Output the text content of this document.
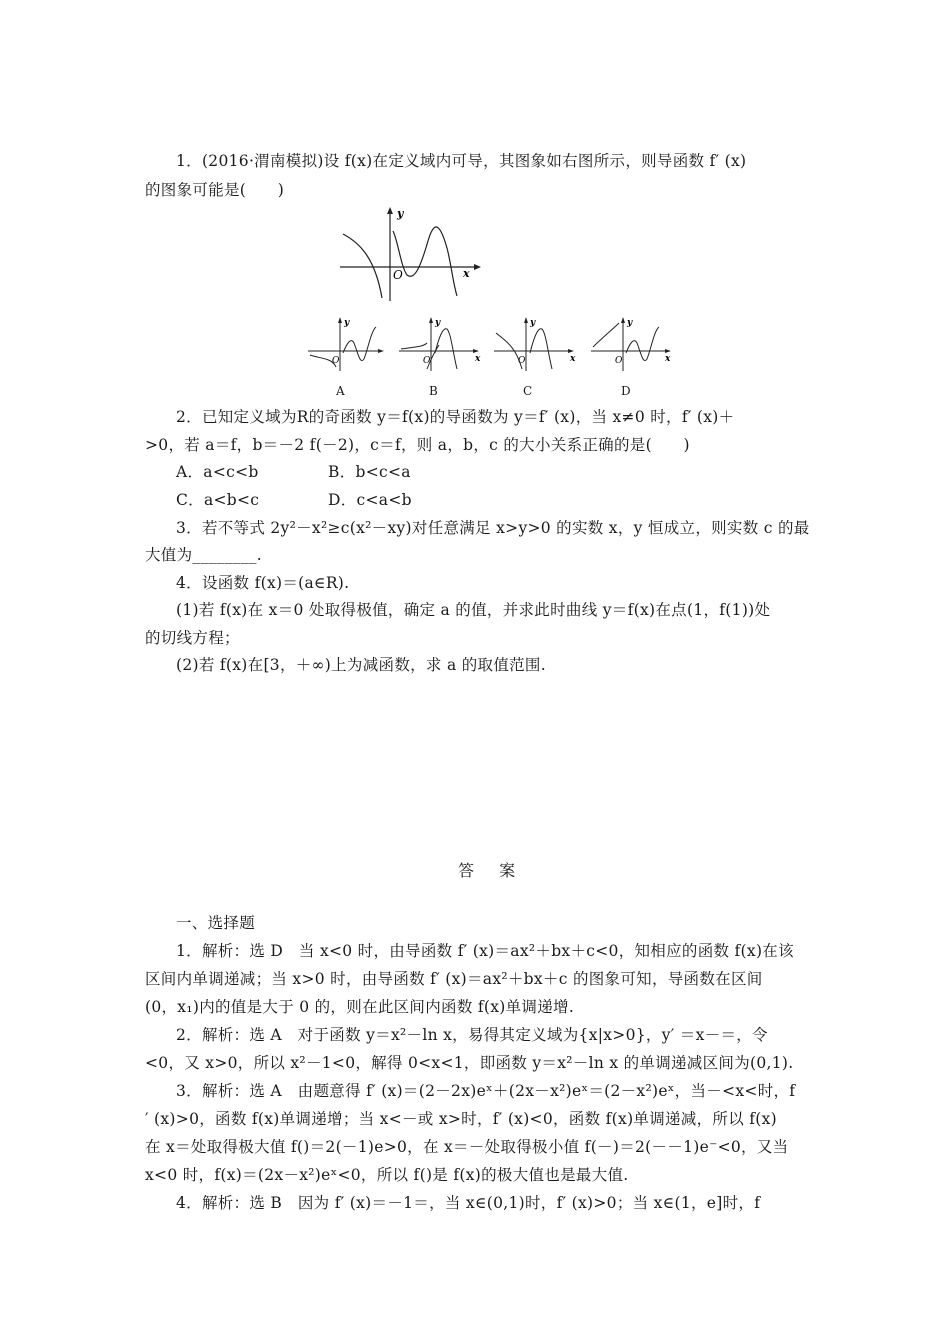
1．(2016·渭南模拟)设 f(x)在定义域内可导，其图象如右图所示，则导函数 f′ (x)
的图象可能是(　　)
y
x
O
y
O
A
y
x
O
B
y
x
O
C
y
x
O
D
2．已知定义域为R的奇函数 y＝f(x)的导函数为 y＝f′ (x)，当 x≠0 时，f′ (x)＋
>0，若 a＝f，b＝－2 f(－2)，c＝f，则 a，b，c 的大小关系正确的是(　　)
A．a<c<b	B．b<c<a
C．a<b<c	D．c<a<b
3．若不等式 2y²－x²≥c(x²－xy)对任意满足 x>y>0 的实数 x，y 恒成立，则实数 c 的最
大值为________.
4．设函数 f(x)＝(a∈R).
(1)若 f(x)在 x＝0 处取得极值，确定 a 的值，并求此时曲线 y＝f(x)在点(1，f(1))处
的切线方程；
(2)若 f(x)在[3，＋∞)上为减函数，求 a 的取值范围.
答 案
一、选择题
1．解析：选 D　当 x<0 时，由导函数 f′ (x)＝ax²＋bx＋c<0，知相应的函数 f(x)在该
区间内单调递减；当 x>0 时，由导函数 f′ (x)＝ax²＋bx＋c 的图象可知，导函数在区间
(0，x₁)内的值是大于 0 的，则在此区间内函数 f(x)单调递增.
2．解析：选 A　对于函数 y＝x²－ln x，易得其定义域为{x|x>0}，y′ ＝x－＝，令
<0，又 x>0，所以 x²－1<0，解得 0<x<1，即函数 y＝x²－ln x 的单调递减区间为(0,1).
3．解析：选 A　由题意得 f′ (x)＝(2－2x)eˣ＋(2x－x²)eˣ＝(2－x²)eˣ，当－<x<时，f
′ (x)>0，函数 f(x)单调递增；当 x<－或 x>时，f′ (x)<0，函数 f(x)单调递减，所以 f(x)
在 x＝处取得极大值 f()＝2(－1)e>0，在 x＝－处取得极小值 f(－)＝2(－－1)e⁻<0，又当
x<0 时，f(x)＝(2x－x²)eˣ<0，所以 f()是 f(x)的极大值也是最大值.
4．解析：选 B　因为 f′ (x)＝－1＝，当 x∈(0,1)时，f′ (x)>0；当 x∈(1，e]时，f
